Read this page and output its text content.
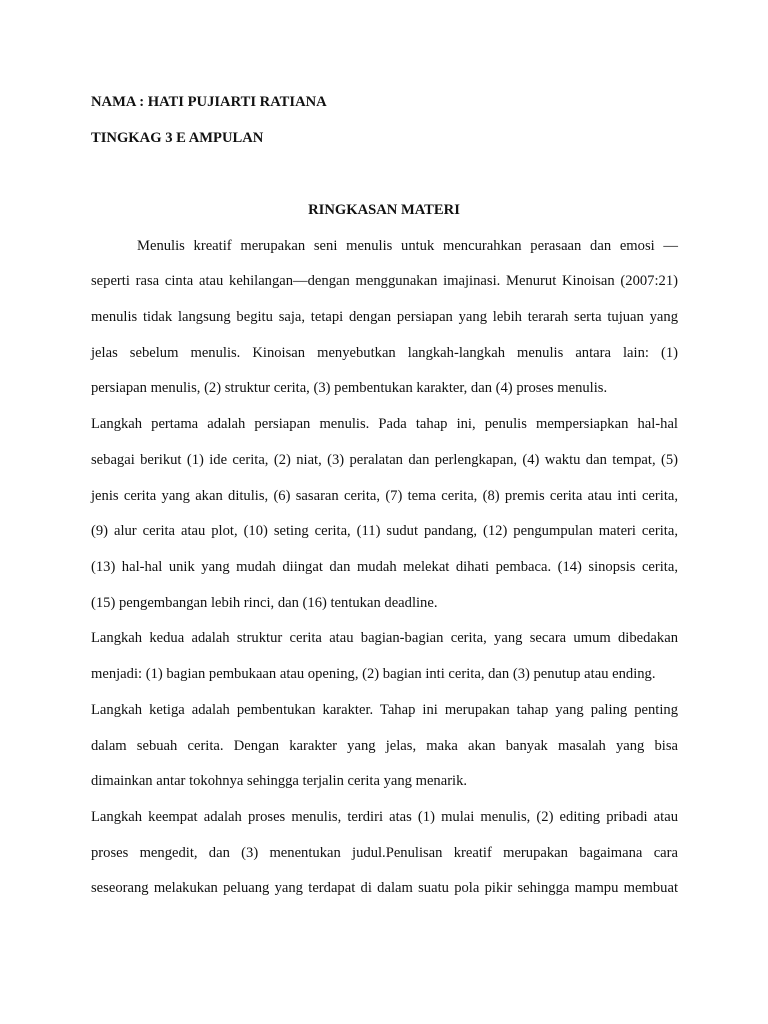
NAMA : HATI PUJIARTI RATIANA
TINGKAG 3 E AMPULAN
RINGKASAN MATERI
Menulis kreatif merupakan seni menulis untuk mencurahkan perasaan dan emosi —
seperti rasa cinta atau kehilangan—dengan menggunakan imajinasi. Menurut Kinoisan (2007:21)
menulis tidak langsung begitu saja, tetapi dengan persiapan yang lebih terarah serta tujuan yang
jelas sebelum menulis. Kinoisan menyebutkan langkah-langkah menulis antara lain: (1)
persiapan menulis, (2) struktur cerita, (3) pembentukan karakter, dan (4) proses menulis.
Langkah pertama adalah persiapan menulis. Pada tahap ini, penulis mempersiapkan hal-hal
sebagai berikut (1) ide cerita, (2) niat, (3) peralatan dan perlengkapan, (4) waktu dan tempat, (5)
jenis cerita yang akan ditulis, (6) sasaran cerita, (7) tema cerita, (8) premis cerita atau inti cerita,
(9) alur cerita atau plot, (10) seting cerita, (11) sudut pandang, (12) pengumpulan materi cerita,
(13) hal-hal unik yang mudah diingat dan mudah melekat dihati pembaca. (14) sinopsis cerita,
(15) pengembangan lebih rinci, dan (16) tentukan deadline.
Langkah kedua adalah struktur cerita atau bagian-bagian cerita, yang secara umum dibedakan
menjadi: (1) bagian pembukaan atau opening, (2) bagian inti cerita, dan (3) penutup atau ending.
Langkah ketiga adalah pembentukan karakter. Tahap ini merupakan tahap yang paling penting
dalam sebuah cerita. Dengan karakter yang jelas, maka akan banyak masalah yang bisa
dimainkan antar tokohnya sehingga terjalin cerita yang menarik.
Langkah keempat adalah proses menulis, terdiri atas (1) mulai menulis, (2) editing pribadi atau
proses mengedit, dan (3) menentukan judul.Penulisan kreatif merupakan bagaimana cara
seseorang melakukan peluang yang terdapat di dalam suatu pola pikir sehingga mampu membuat
